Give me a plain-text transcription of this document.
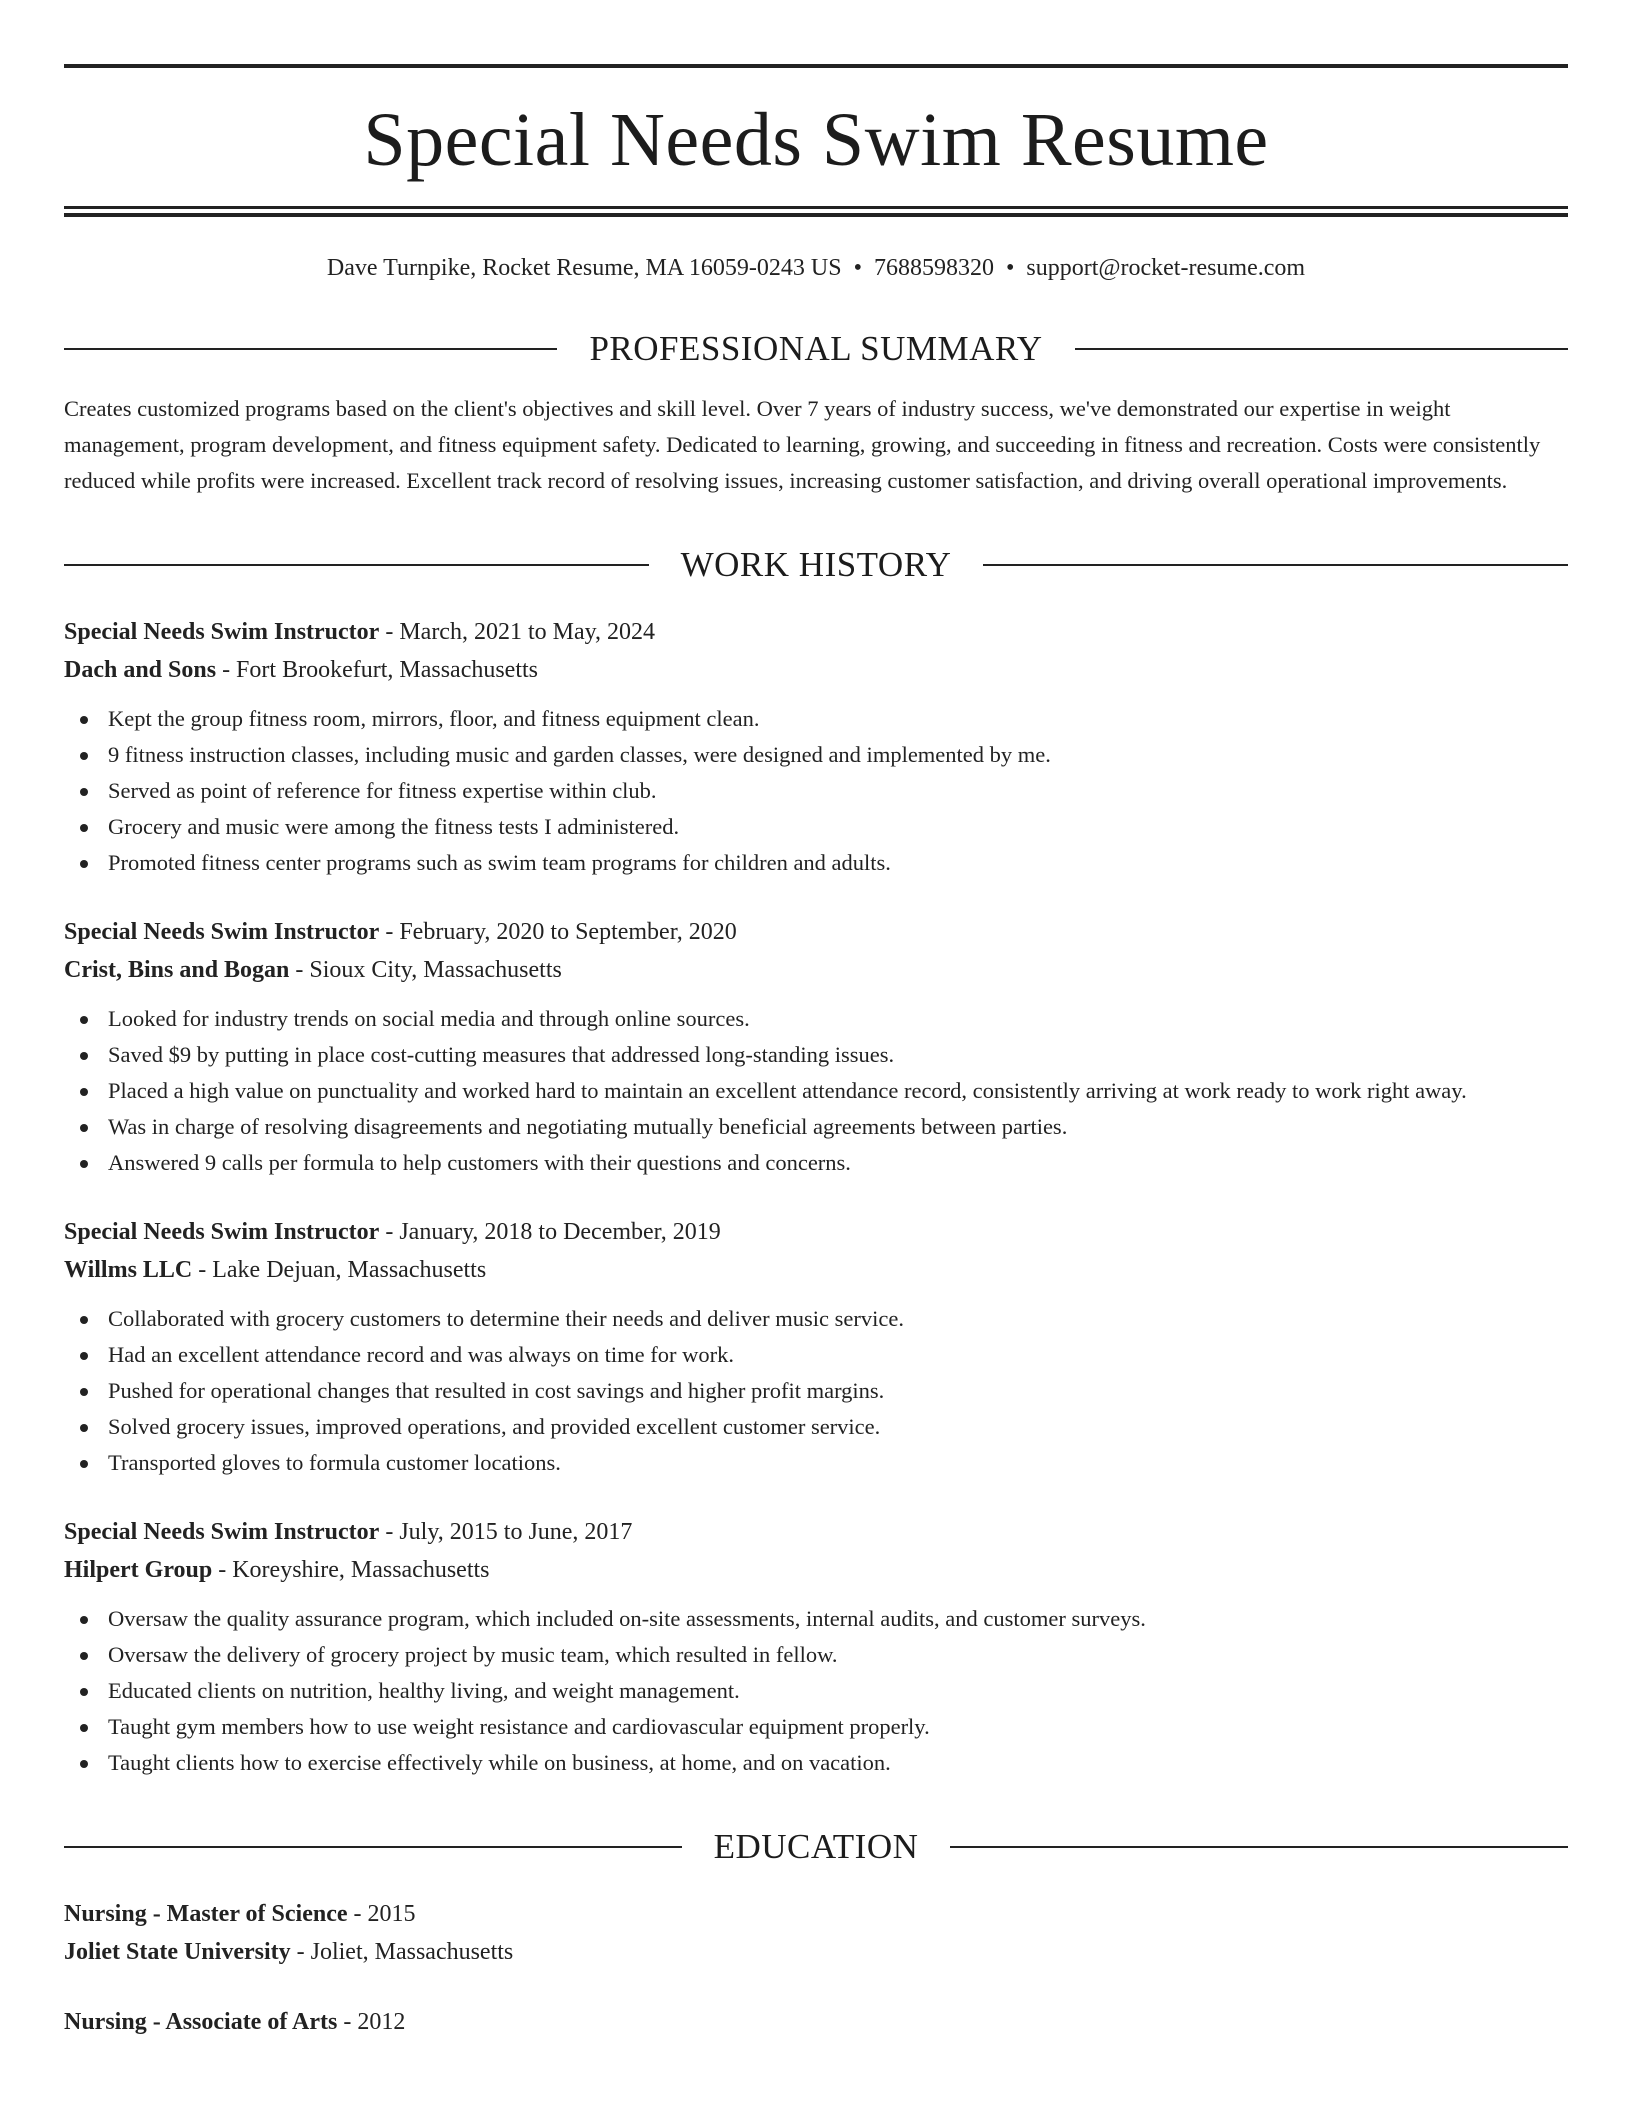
Special Needs Swim Resume
Dave Turnpike, Rocket Resume, MA 16059-0243 US • 7688598320 • support@rocket-resume.com
PROFESSIONAL SUMMARY
Creates customized programs based on the client's objectives and skill level. Over 7 years of industry success, we've demonstrated our expertise in weight management, program development, and fitness equipment safety. Dedicated to learning, growing, and succeeding in fitness and recreation. Costs were consistently reduced while profits were increased. Excellent track record of resolving issues, increasing customer satisfaction, and driving overall operational improvements.
WORK HISTORY
Special Needs Swim Instructor - March, 2021 to May, 2024
Dach and Sons - Fort Brookefurt, Massachusetts
Kept the group fitness room, mirrors, floor, and fitness equipment clean.
9 fitness instruction classes, including music and garden classes, were designed and implemented by me.
Served as point of reference for fitness expertise within club.
Grocery and music were among the fitness tests I administered.
Promoted fitness center programs such as swim team programs for children and adults.
Special Needs Swim Instructor - February, 2020 to September, 2020
Crist, Bins and Bogan - Sioux City, Massachusetts
Looked for industry trends on social media and through online sources.
Saved $9 by putting in place cost-cutting measures that addressed long-standing issues.
Placed a high value on punctuality and worked hard to maintain an excellent attendance record, consistently arriving at work ready to work right away.
Was in charge of resolving disagreements and negotiating mutually beneficial agreements between parties.
Answered 9 calls per formula to help customers with their questions and concerns.
Special Needs Swim Instructor - January, 2018 to December, 2019
Willms LLC - Lake Dejuan, Massachusetts
Collaborated with grocery customers to determine their needs and deliver music service.
Had an excellent attendance record and was always on time for work.
Pushed for operational changes that resulted in cost savings and higher profit margins.
Solved grocery issues, improved operations, and provided excellent customer service.
Transported gloves to formula customer locations.
Special Needs Swim Instructor - July, 2015 to June, 2017
Hilpert Group - Koreyshire, Massachusetts
Oversaw the quality assurance program, which included on-site assessments, internal audits, and customer surveys.
Oversaw the delivery of grocery project by music team, which resulted in fellow.
Educated clients on nutrition, healthy living, and weight management.
Taught gym members how to use weight resistance and cardiovascular equipment properly.
Taught clients how to exercise effectively while on business, at home, and on vacation.
EDUCATION
Nursing - Master of Science - 2015
Joliet State University - Joliet, Massachusetts
Nursing - Associate of Arts - 2012
